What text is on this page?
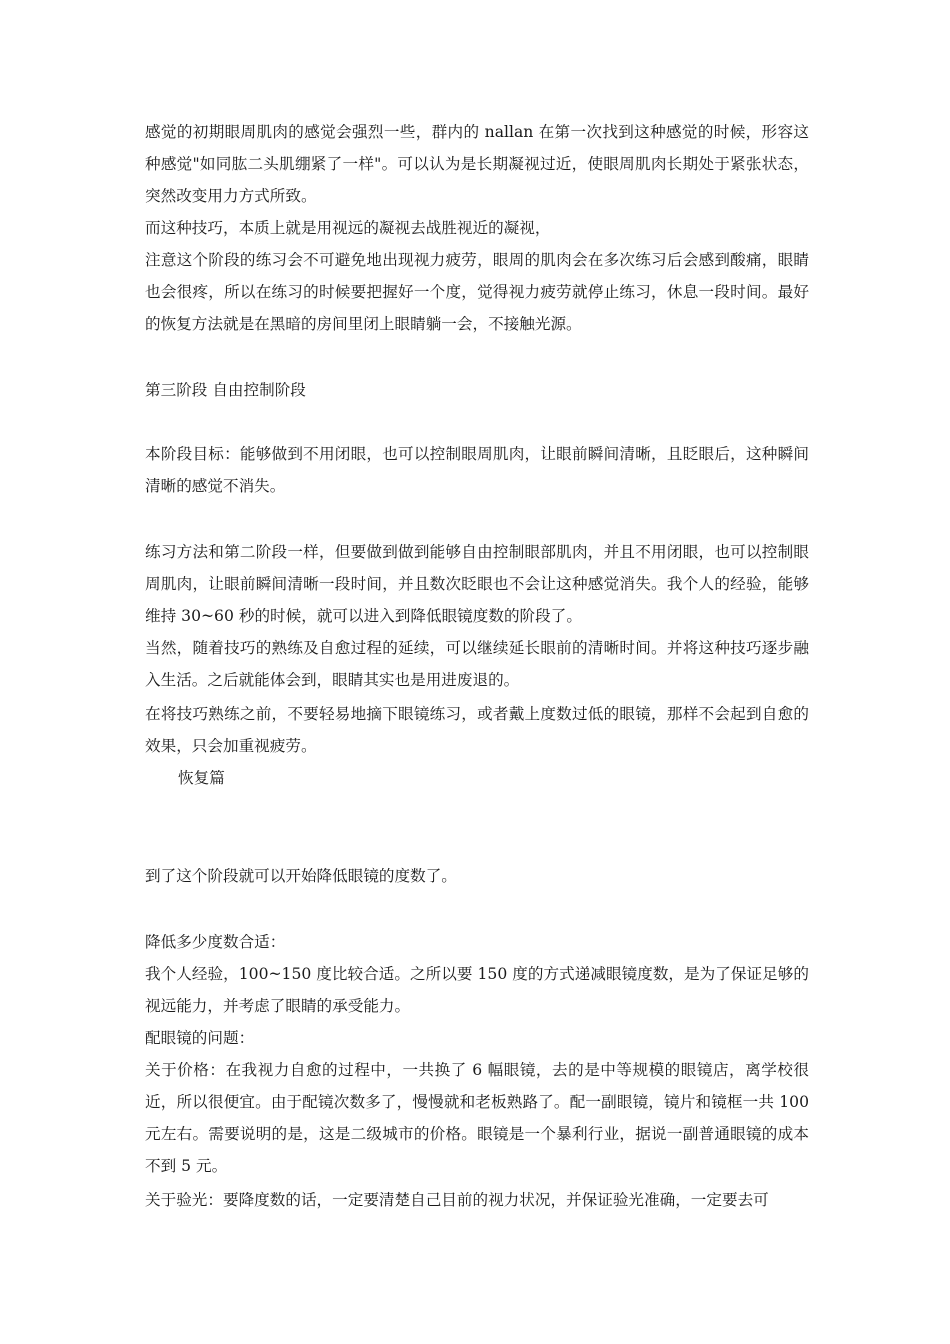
感觉的初期眼周肌肉的感觉会强烈一些，群内的 nallan 在第一次找到这种感觉的时候，形容这种感觉"如同肱二头肌绷紧了一样"。可以认为是长期凝视过近，使眼周肌肉长期处于紧张状态，突然改变用力方式所致。

而这种技巧，本质上就是用视远的凝视去战胜视近的凝视，

注意这个阶段的练习会不可避免地出现视力疲劳，眼周的肌肉会在多次练习后会感到酸痛，眼睛也会很疼，所以在练习的时候要把握好一个度，觉得视力疲劳就停止练习，休息一段时间。最好的恢复方法就是在黑暗的房间里闭上眼睛躺一会，不接触光源。

第三阶段 自由控制阶段

本阶段目标：能够做到不用闭眼，也可以控制眼周肌肉，让眼前瞬间清晰，且眨眼后，这种瞬间清晰的感觉不消失。

练习方法和第二阶段一样，但要做到做到能够自由控制眼部肌肉，并且不用闭眼，也可以控制眼周肌肉，让眼前瞬间清晰一段时间，并且数次眨眼也不会让这种感觉消失。我个人的经验，能够维持 30~60 秒的时候，就可以进入到降低眼镜度数的阶段了。

当然，随着技巧的熟练及自愈过程的延续，可以继续延长眼前的清晰时间。并将这种技巧逐步融入生活。之后就能体会到，眼睛其实也是用进废退的。

在将技巧熟练之前，不要轻易地摘下眼镜练习，或者戴上度数过低的眼镜，那样不会起到自愈的效果，只会加重视疲劳。

恢复篇

到了这个阶段就可以开始降低眼镜的度数了。

降低多少度数合适：

我个人经验，100~150 度比较合适。之所以要 150 度的方式递减眼镜度数，是为了保证足够的视远能力，并考虑了眼睛的承受能力。

配眼镜的问题：

关于价格：在我视力自愈的过程中，一共换了 6 幅眼镜，去的是中等规模的眼镜店，离学校很近，所以很便宜。由于配镜次数多了，慢慢就和老板熟路了。配一副眼镜，镜片和镜框一共 100 元左右。需要说明的是，这是二级城市的价格。眼镜是一个暴利行业，据说一副普通眼镜的成本不到 5 元。

关于验光：要降度数的话，一定要清楚自己目前的视力状况，并保证验光准确，一定要去可
